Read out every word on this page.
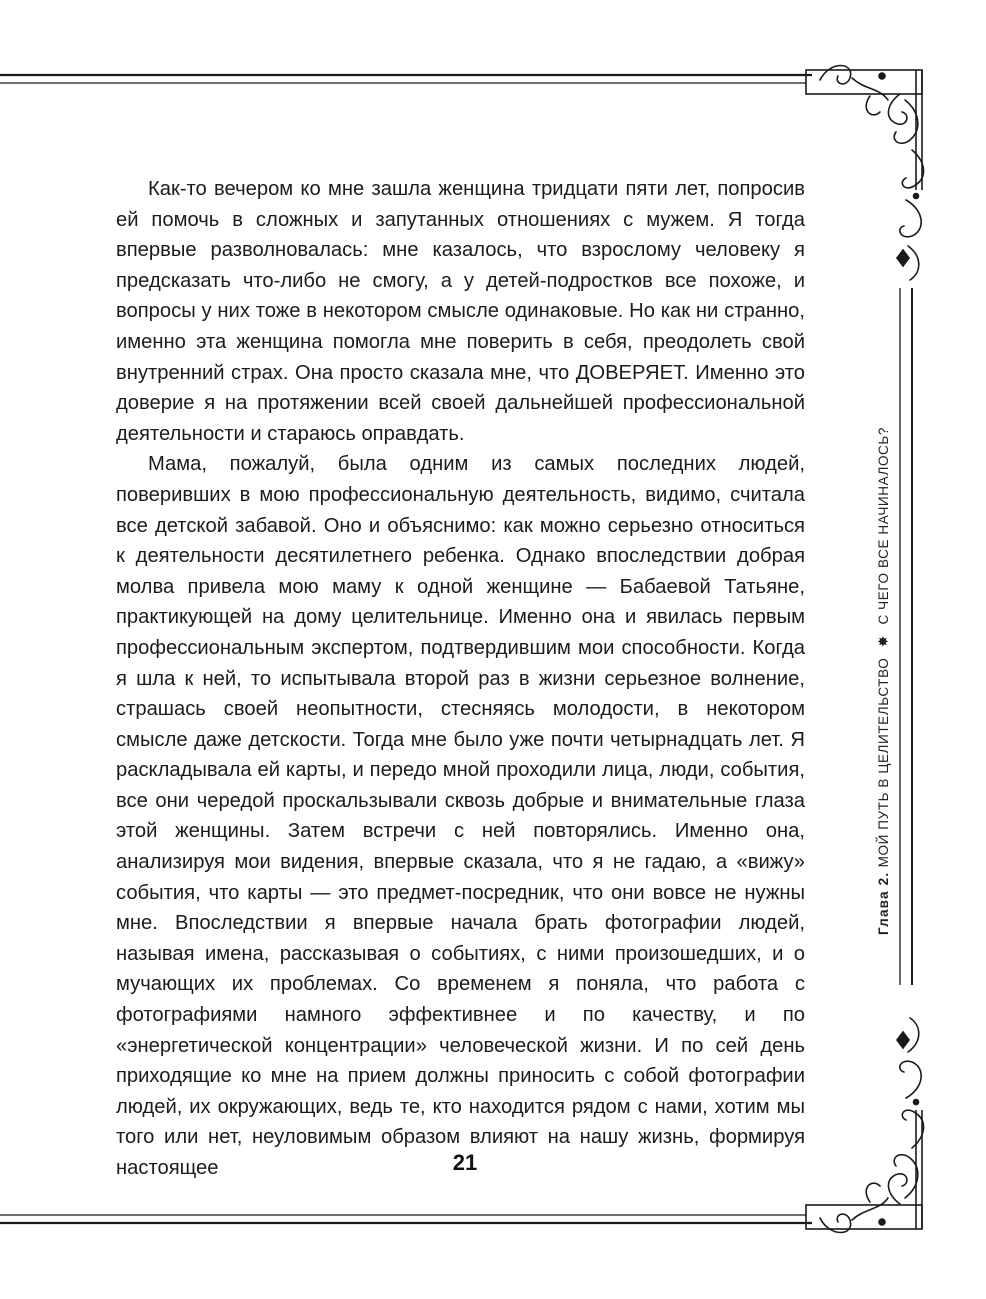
Как-то вечером ко мне зашла женщина тридцати пяти лет, попросив ей помочь в сложных и запутанных отношениях с мужем. Я тогда впервые разволновалась: мне казалось, что взрослому человеку я предсказать что-либо не смогу, а у детей-подростков все похоже, и вопросы у них тоже в некотором смысле одинаковые. Но как ни странно, именно эта женщина помогла мне поверить в себя, преодолеть свой внутренний страх. Она просто сказала мне, что ДОВЕРЯЕТ. Именно это доверие я на протяжении всей своей дальнейшей профессиональной деятельности и стараюсь оправдать.

Мама, пожалуй, была одним из самых последних людей, поверивших в мою профессиональную деятельность, видимо, считала все детской забавой. Оно и объяснимо: как можно серьезно относиться к деятельности десятилетнего ребенка. Однако впоследствии добрая молва привела мою маму к одной женщине — Бабаевой Татьяне, практикующей на дому целительнице. Именно она и явилась первым профессиональным экспертом, подтвердившим мои способности. Когда я шла к ней, то испытывала второй раз в жизни серьезное волнение, страшась своей неопытности, стесняясь молодости, в некотором смысле даже детскости. Тогда мне было уже почти четырнадцать лет. Я раскладывала ей карты, и передо мной проходили лица, люди, события, все они чередой проскальзывали сквозь добрые и внимательные глаза этой женщины. Затем встречи с ней повторялись. Именно она, анализируя мои видения, впервые сказала, что я не гадаю, а «вижу» события, что карты — это предмет-посредник, что они вовсе не нужны мне. Впоследствии я впервые начала брать фотографии людей, называя имена, рассказывая о событиях, с ними произошедших, и о мучающих их проблемах. Со временем я поняла, что работа с фотографиями намного эффективнее и по качеству, и по «энергетической концентрации» человеческой жизни. И по сей день приходящие ко мне на прием должны приносить с собой фотографии людей, их окружающих, ведь те, кто находится рядом с нами, хотим мы того или нет, неуловимым образом влияют на нашу жизнь, формируя настоящее

Глава 2. МОЙ ПУТЬ В ЦЕЛИТЕЛЬСТВО ✸ С ЧЕГО ВСЕ НАЧИНАЛОСЬ?
21
